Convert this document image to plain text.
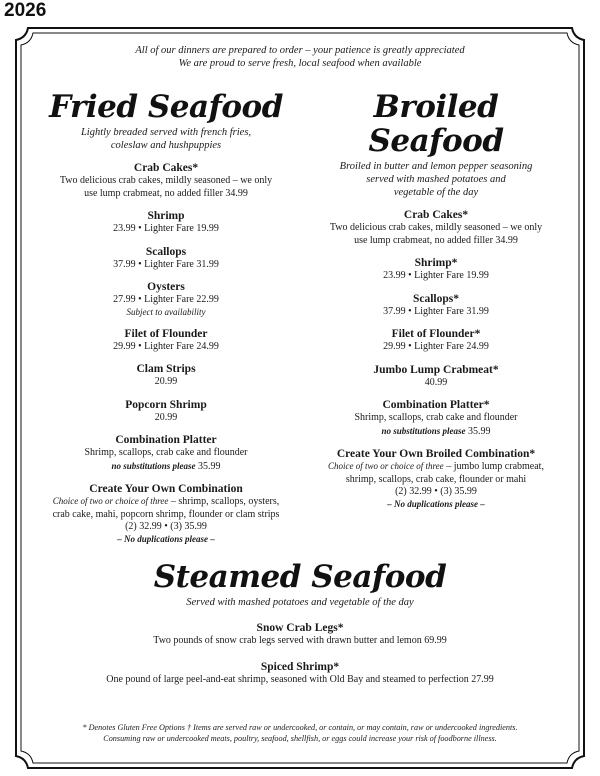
2026
All of our dinners are prepared to order – your patience is greatly appreciated
We are proud to serve fresh, local seafood when available
Fried Seafood
Lightly breaded served with french fries,
coleslaw and hushpuppies
Crab Cakes*
Two delicious crab cakes, mildly seasoned – we only
use lump crabmeat, no added filler 34.99
Shrimp
23.99 • Lighter Fare 19.99
Scallops
37.99 • Lighter Fare 31.99
Oysters
27.99 • Lighter Fare 22.99
Subject to availability
Filet of Flounder
29.99 • Lighter Fare 24.99
Clam Strips
20.99
Popcorn Shrimp
20.99
Combination Platter
Shrimp, scallops, crab cake and flounder
no substitutions please 35.99
Create Your Own Combination
Choice of two or choice of three – shrimp, scallops, oysters,
crab cake, mahi, popcorn shrimp, flounder or clam strips
(2) 32.99 • (3) 35.99
– No duplications please –
Broiled Seafood
Broiled in butter and lemon pepper seasoning
served with mashed potatoes and
vegetable of the day
Crab Cakes*
Two delicious crab cakes, mildly seasoned – we only
use lump crabmeat, no added filler 34.99
Shrimp*
23.99 • Lighter Fare 19.99
Scallops*
37.99 • Lighter Fare 31.99
Filet of Flounder*
29.99 • Lighter Fare 24.99
Jumbo Lump Crabmeat*
40.99
Combination Platter*
Shrimp, scallops, crab cake and flounder
no substitutions please 35.99
Create Your Own Broiled Combination*
Choice of two or choice of three – jumbo lump crabmeat,
shrimp, scallops, crab cake, flounder or mahi
(2) 32.99 • (3) 35.99
– No duplications please –
Steamed Seafood
Served with mashed potatoes and vegetable of the day
Snow Crab Legs*
Two pounds of snow crab legs served with drawn butter and lemon 69.99
Spiced Shrimp*
One pound of large peel-and-eat shrimp, seasoned with Old Bay and steamed to perfection 27.99
* Denotes Gluten Free Options † Items are served raw or undercooked, or contain, or may contain, raw or undercooked ingredients.
Consuming raw or undercooked meats, poultry, seafood, shellfish, or eggs could increase your risk of foodborne illness.
